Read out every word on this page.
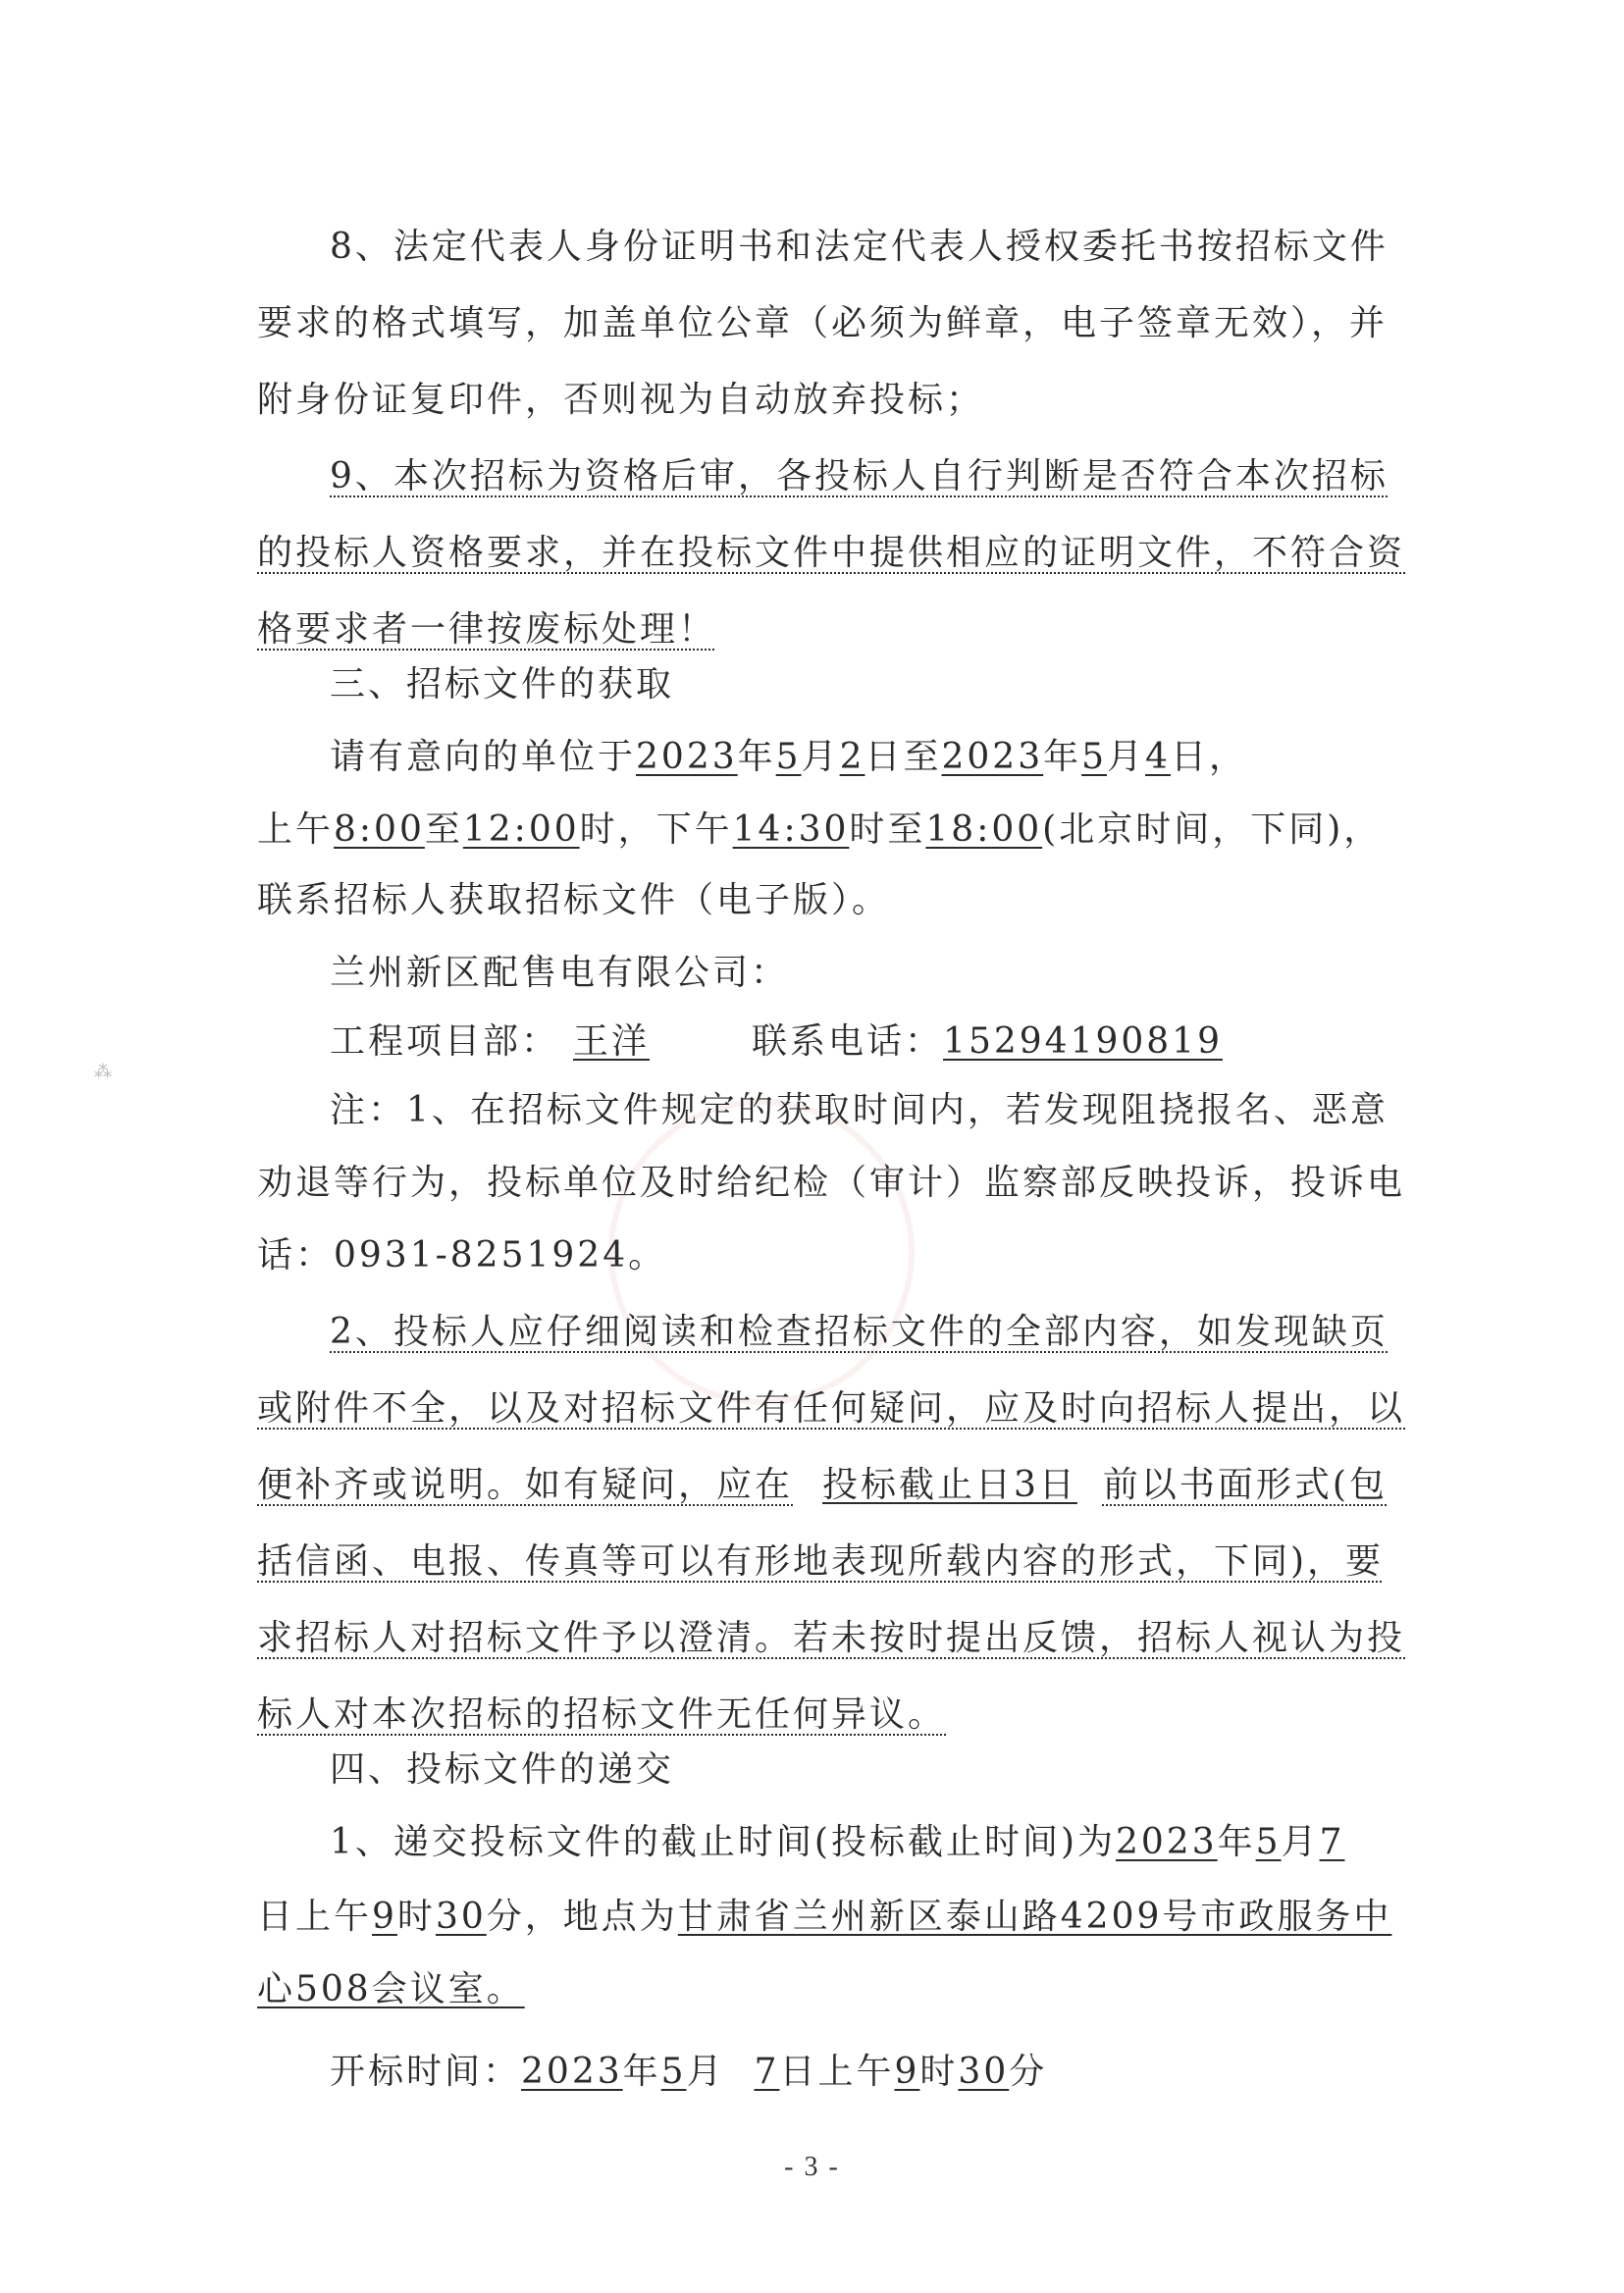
⁂
8、法定代表人身份证明书和法定代表人授权委托书按招标文件
要求的格式填写，加盖单位公章（必须为鲜章，电子签章无效），并
附身份证复印件，否则视为自动放弃投标；
9、本次招标为资格后审，各投标人自行判断是否符合本次招标
的投标人资格要求，并在投标文件中提供相应的证明文件，不符合资
格要求者一律按废标处理！
三、招标文件的获取
请有意向的单位于2023年5月2日至2023年5月4日，
上午8:00至12:00时，下午14:30时至18:00(北京时间，下同)，
联系招标人获取招标文件（电子版）。
兰州新区配售电有限公司：
工程项目部： 王洋	联系电话：15294190819
注：1、在招标文件规定的获取时间内，若发现阻挠报名、恶意
劝退等行为，投标单位及时给纪检（审计）监察部反映投诉，投诉电
话：0931-8251924。
2、投标人应仔细阅读和检查招标文件的全部内容，如发现缺页
或附件不全，以及对招标文件有任何疑问，应及时向招标人提出，以
便补齐或说明。如有疑问，应在 投标截止日3日 前以书面形式(包
括信函、电报、传真等可以有形地表现所载内容的形式，下同)，要
求招标人对招标文件予以澄清。若未按时提出反馈，招标人视认为投
标人对本次招标的招标文件无任何异议。
四、投标文件的递交
1、递交投标文件的截止时间(投标截止时间)为2023年5月7
日上午9时30分，地点为甘肃省兰州新区泰山路4209号市政服务中
心508会议室。
开标时间：2023年5月 7日上午9时30分
- 3 -
